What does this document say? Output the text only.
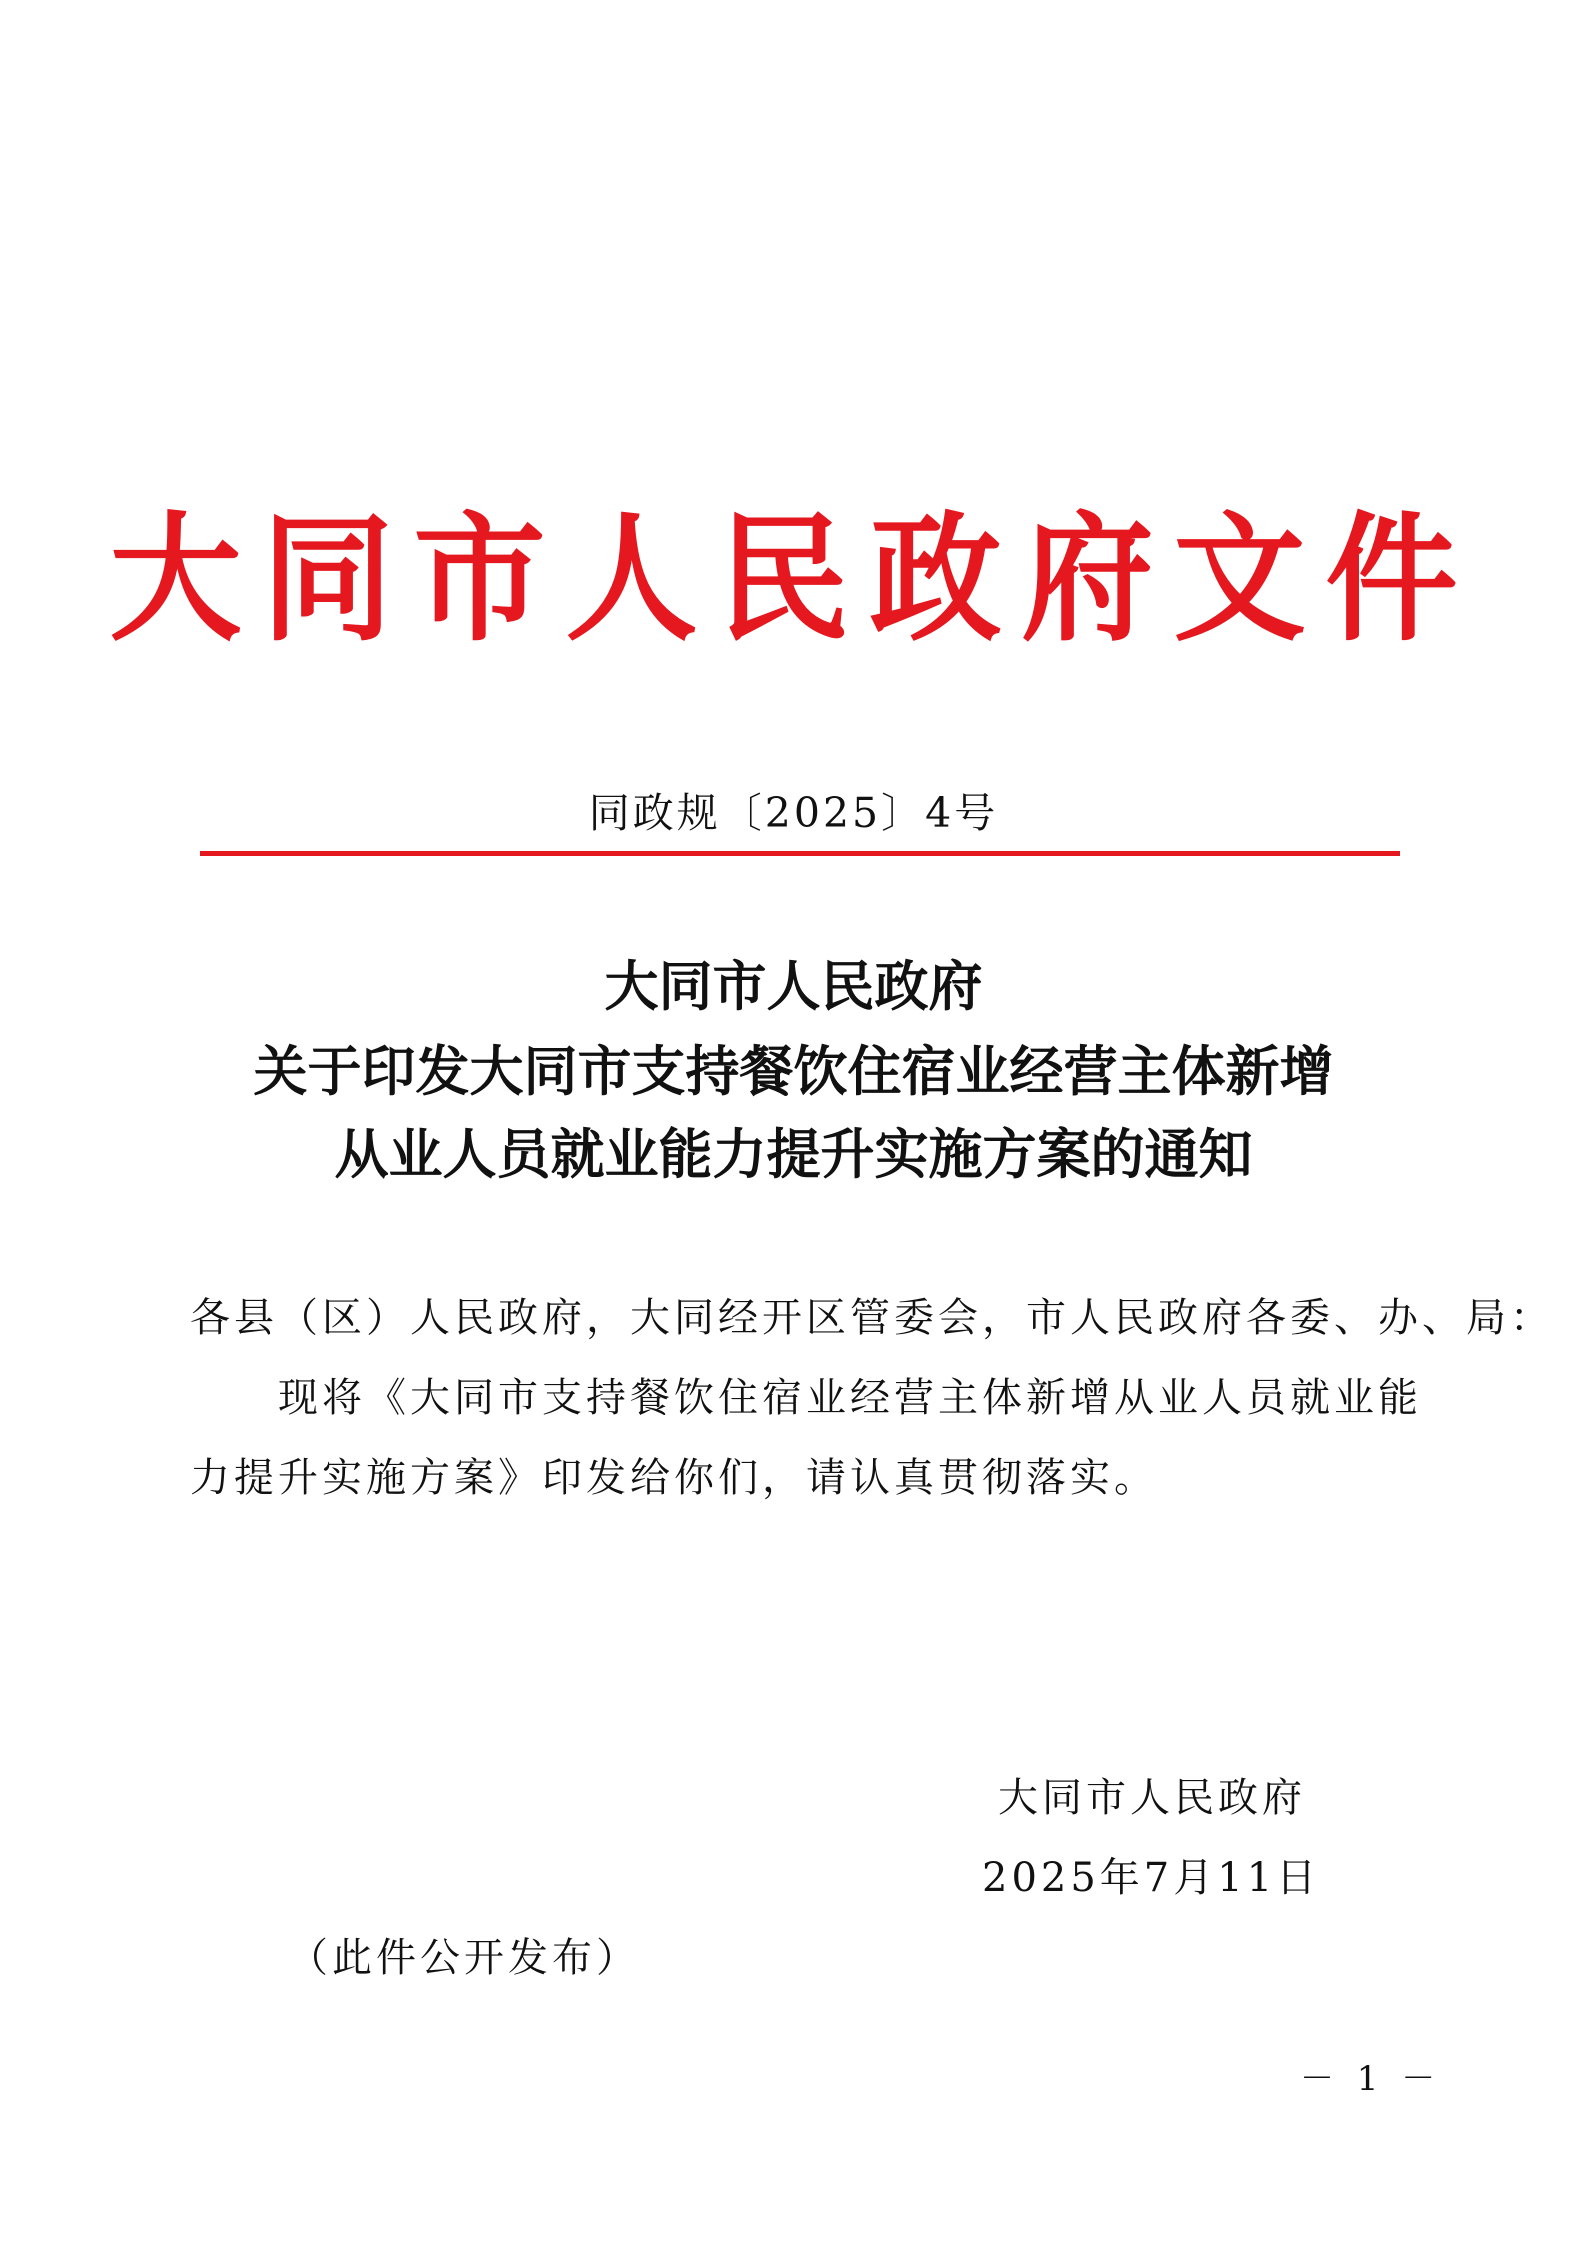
大同市人民政府文件
同政规〔2025〕4号
大同市人民政府
关于印发大同市支持餐饮住宿业经营主体新增
从业人员就业能力提升实施方案的通知
各县（区）人民政府，大同经开区管委会，市人民政府各委、办、局：
现将《大同市支持餐饮住宿业经营主体新增从业人员就业能
力提升实施方案》印发给你们，请认真贯彻落实。
大同市人民政府
2025年7月11日
（此件公开发布）
－ 1 －
